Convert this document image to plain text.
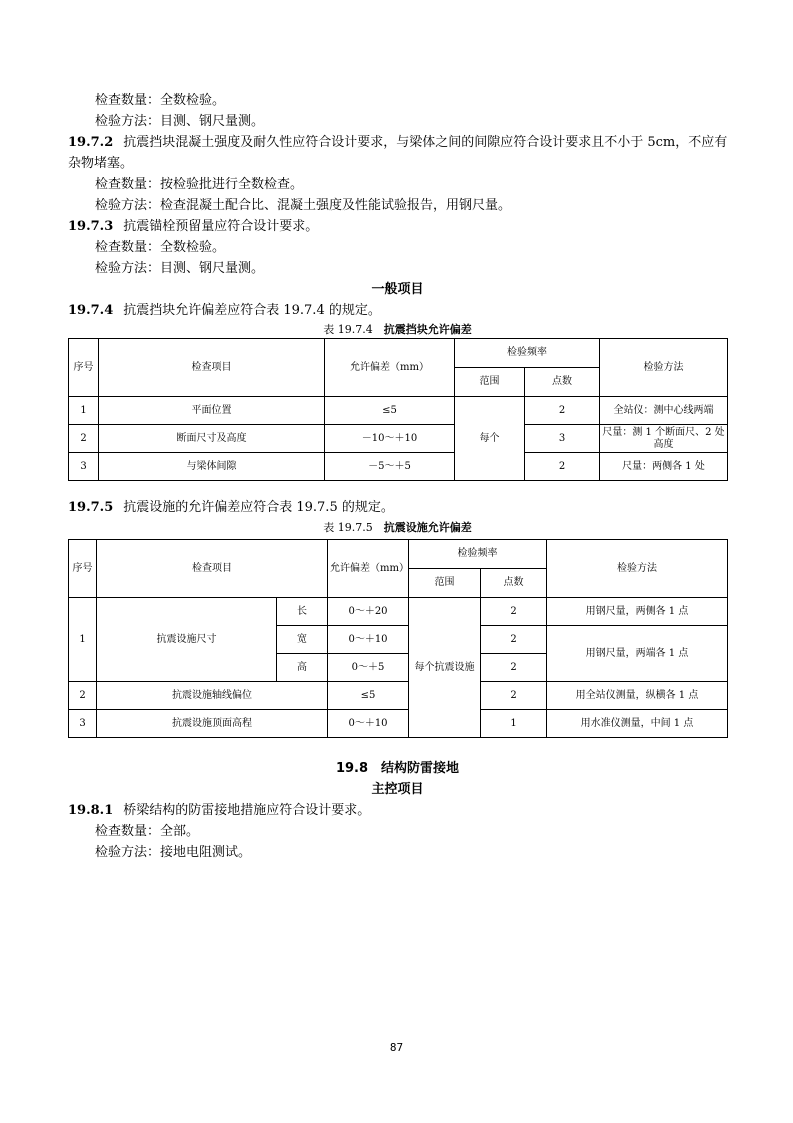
检查数量：全数检验。
检验方法：目测、钢尺量测。
19.7.2 抗震挡块混凝土强度及耐久性应符合设计要求，与梁体之间的间隙应符合设计要求且不小于 5cm，不应有
杂物堵塞。
检查数量：按检验批进行全数检查。
检验方法：检查混凝土配合比、混凝土强度及性能试验报告，用钢尺量。
19.7.3 抗震锚栓预留量应符合设计要求。
检查数量：全数检验。
检验方法：目测、钢尺量测。
一般项目
19.7.4 抗震挡块允许偏差应符合表 19.7.4 的规定。
表 19.7.4　 抗震挡块允许偏差
序号	检查项目	允许偏差（mm）	检验频率		检验方法
			范围	点数	
1	平面位置	≤5	每个	2	全站仪：测中心线两端
2	断面尺寸及高度	－10～＋10		3	尺量：测 1 个断面尺、2 处高度
3	与梁体间隙	－5～＋5		2	尺量：两侧各 1 处
19.7.5 抗震设施的允许偏差应符合表 19.7.5 的规定。
表 19.7.5　 抗震设施允许偏差
序号	检查项目		允许偏差（mm）	检验频率		检验方法
				范围	点数	
1	抗震设施尺寸	长	0～＋20	每个抗震设施	2	用钢尺量，两侧各 1 点
		宽	0～＋10		2	用钢尺量，两端各 1 点
		高	0～＋5		2	
2	抗震设施轴线偏位		≤5		2	用全站仪测量，纵横各 1 点
3	抗震设施顶面高程		0～＋10		1	用水准仪测量，中间 1 点
19.8　结构防雷接地
主控项目
19.8.1 桥梁结构的防雷接地措施应符合设计要求。
检查数量：全部。
检验方法：接地电阻测试。
87
